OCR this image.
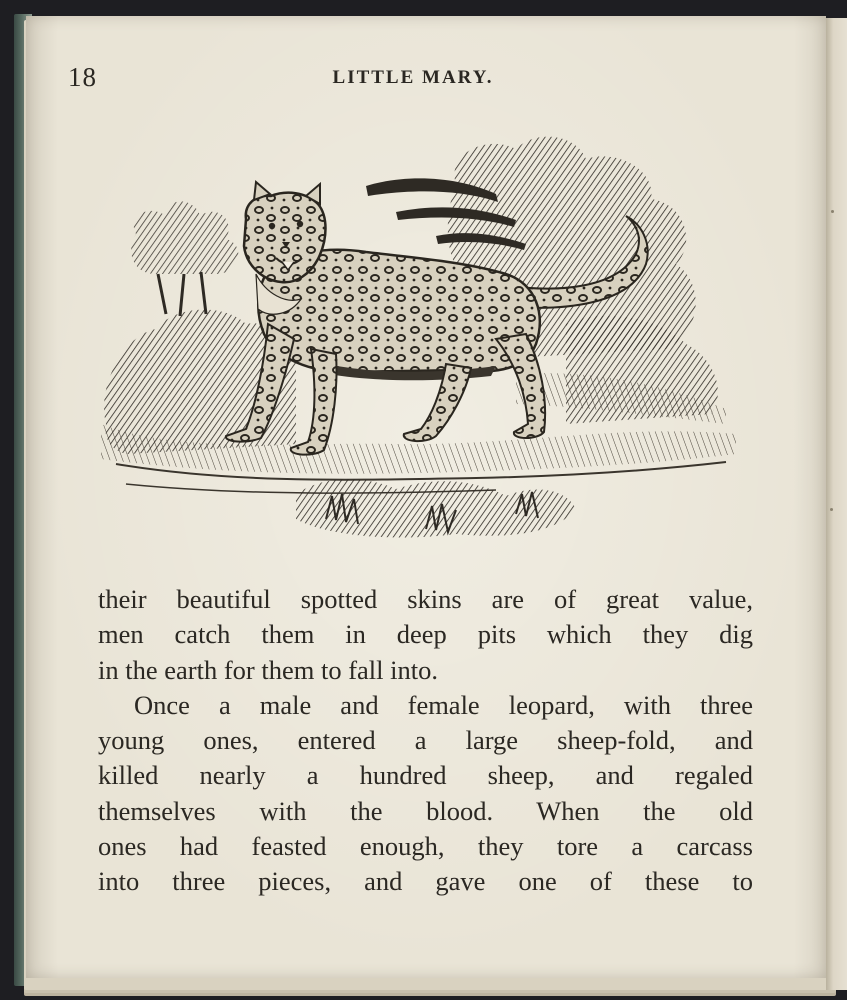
18	LITTLE MARY.
their beautiful spotted skins are of great value,
men catch them in deep pits which they dig
in the earth for them to fall into.
Once a male and female leopard, with three
young ones, entered a large sheep-fold, and
killed nearly a hundred sheep, and regaled
themselves with the blood. When the old
ones had feasted enough, they tore a carcass
into three pieces, and gave one of these to
